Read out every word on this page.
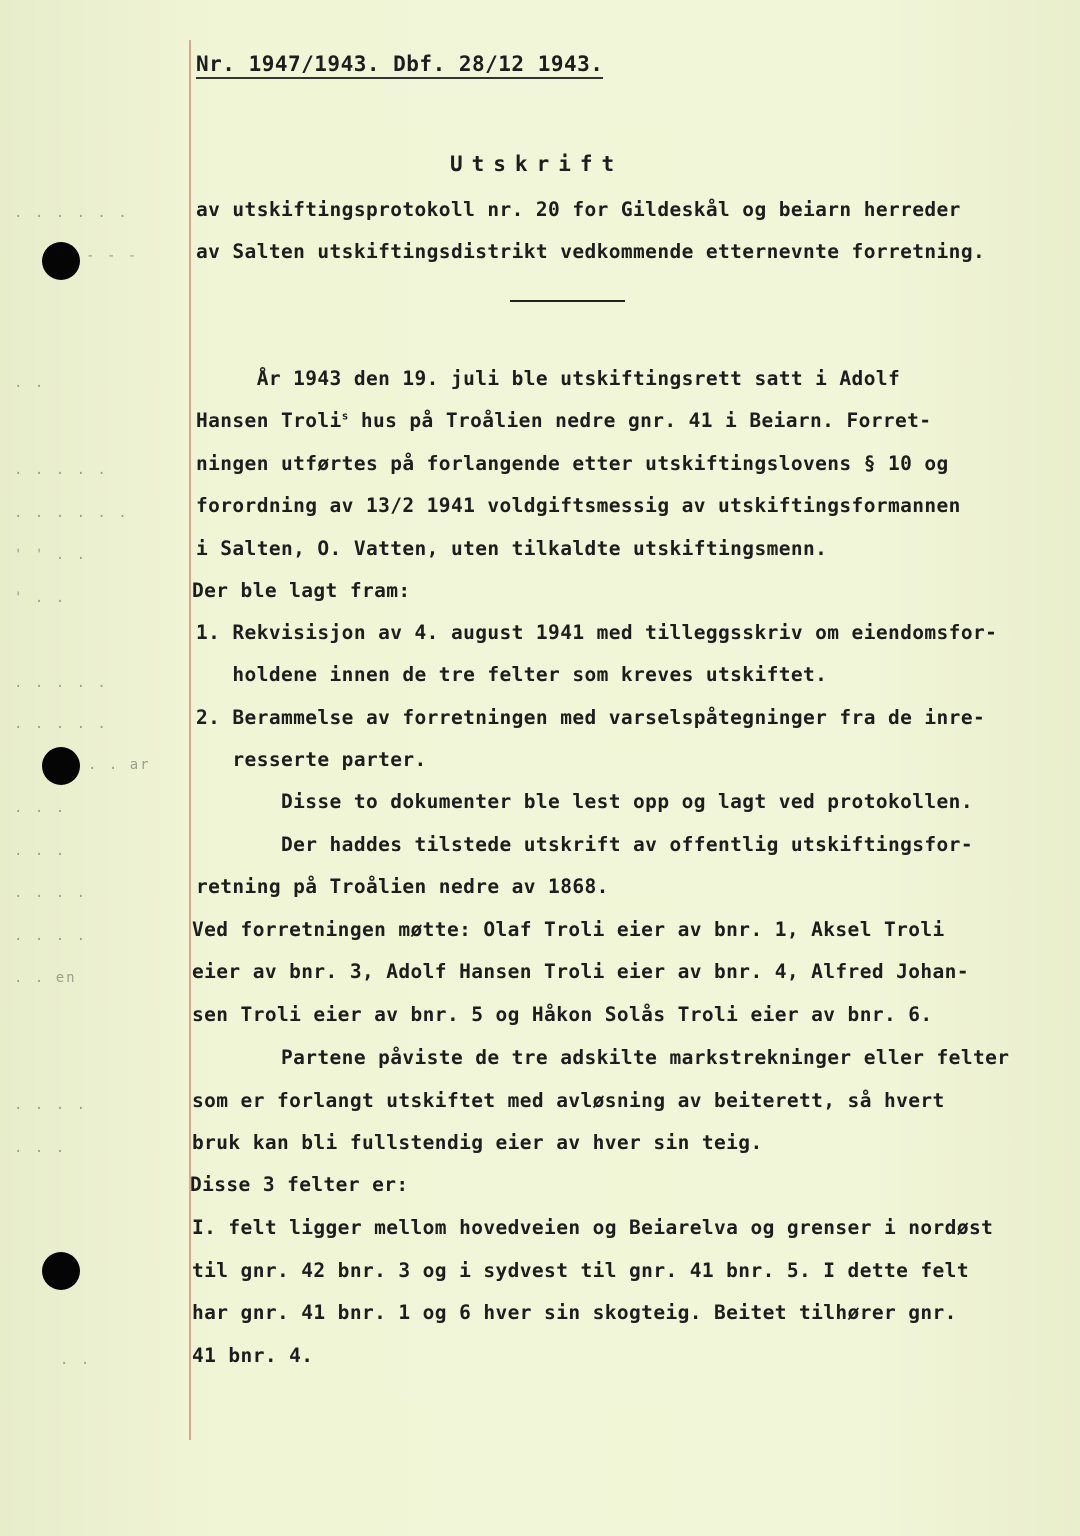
. . . . . .
- - -
. .
. . . . .
. . . . . .
' ' . .
' . .
. . . . .
. . . . .
. . ar
. . .
. . .
. . . .
. . . .
. . en
. . . .
. . .
. .
Nr. 1947/1943. Dbf. 28/12 1943.
Utskrift
av utskiftingsprotokoll nr. 20 for Gildeskål og beiarn herreder
av Salten utskiftingsdistrikt vedkommende etternevnte forretning.
År 1943 den 19. juli ble utskiftingsrett satt i Adolf
Hansen Troli$^s$ hus på Troålien nedre gnr. 41 i Beiarn. Forret-
ningen utførtes på forlangende etter utskiftingslovens § 10 og
forordning av 13/2 1941 voldgiftsmessig av utskiftingsformannen
i Salten, O. Vatten, uten tilkaldte utskiftingsmenn.
Der ble lagt fram:
1. Rekvisisjon av 4. august 1941 med tilleggsskriv om eiendomsfor-
holdene innen de tre felter som kreves utskiftet.
2. Berammelse av forretningen med varselspåtegninger fra de inre-
resserte parter.
Disse to dokumenter ble lest opp og lagt ved protokollen.
Der haddes tilstede utskrift av offentlig utskiftingsfor-
retning på Troålien nedre av 1868.
Ved forretningen møtte: Olaf Troli eier av bnr. 1, Aksel Troli
eier av bnr. 3, Adolf Hansen Troli eier av bnr. 4, Alfred Johan-
sen Troli eier av bnr. 5 og Håkon Solås Troli eier av bnr. 6.
Partene påviste de tre adskilte markstrekninger eller felter
som er forlangt utskiftet med avløsning av beiterett, så hvert
bruk kan bli fullstendig eier av hver sin teig.
Disse 3 felter er:
I. felt ligger mellom hovedveien og Beiarelva og grenser i nordøst
til gnr. 42 bnr. 3 og i sydvest til gnr. 41 bnr. 5. I dette felt
har gnr. 41 bnr. 1 og 6 hver sin skogteig. Beitet tilhører gnr.
41 bnr. 4.
